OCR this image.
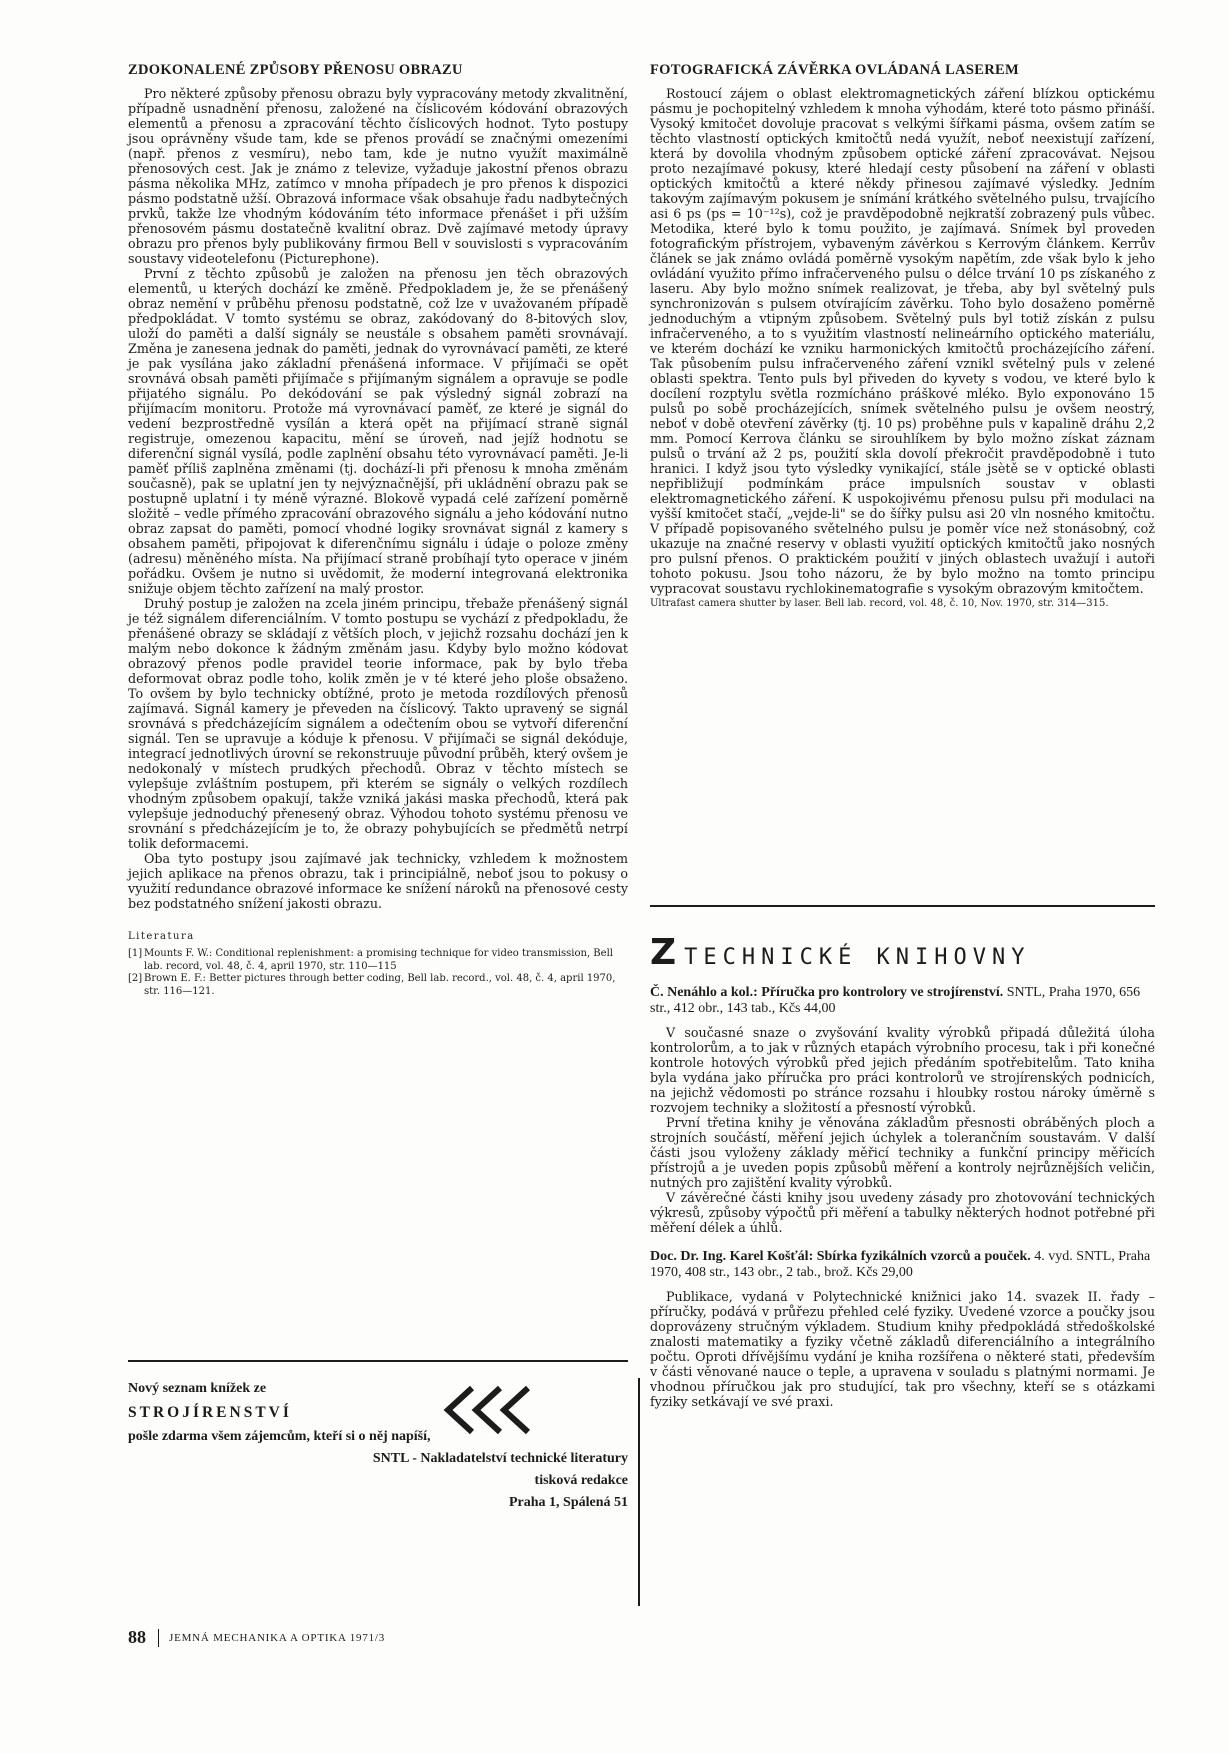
ZDOKONALENÉ ZPŮSOBY PŘENOSU OBRAZU

Pro některé způsoby přenosu obrazu byly vypracovány metody zkvalitnění, případně usnadnění přenosu, založené na číslicovém kódování obrazových elementů a přenosu a zpracování těchto číslicových hodnot. Tyto postupy jsou oprávněny všude tam, kde se přenos provádí se značnými omezeními (např. přenos z vesmíru), nebo tam, kde je nutno využít maximálně přenosových cest. Jak je známo z televize, vyžaduje jakostní přenos obrazu pásma několika MHz, zatímco v mnoha případech je pro přenos k dispozici pásmo podstatně užší. Obrazová informace však obsahuje řadu nadbytečných prvků, takže lze vhodným kódováním této informace přenášet i při užším přenosovém pásmu dostatečně kvalitní obraz. Dvě zajímavé metody úpravy obrazu pro přenos byly publikovány firmou Bell v souvislosti s vypracováním soustavy videotelefonu (Picturephone).

První z těchto způsobů je založen na přenosu jen těch obrazových elementů, u kterých dochází ke změně. Předpokladem je, že se přenášený obraz nemění v průběhu přenosu podstatně, což lze v uvažovaném případě předpokládat. V tomto systému se obraz, zakódovaný do 8-bitových slov, uloží do paměti a další signály se neustále s obsahem paměti srovnávají. Změna je zanesena jednak do paměti, jednak do vyrovnávací paměti, ze které je pak vysílána jako základní přenášená informace. V přijímači se opět srovnává obsah paměti přijímače s přijímaným signálem a opravuje se podle přijatého signálu. Po dekódování se pak výsledný signál zobrazí na přijímacím monitoru. Protože má vyrovnávací paměť, ze které je signál do vedení bezprostředně vysílán a která opět na přijímací straně signál registruje, omezenou kapacitu, mění se úroveň, nad jejíž hodnotu se diferenční signál vysílá, podle zaplnění obsahu této vyrovnávací paměti. Je-li paměť příliš zaplněna změnami (tj. dochází-li při přenosu k mnoha změnám současně), pak se uplatní jen ty nejvýznačnější, při ukládnění obrazu pak se postupně uplatní i ty méně výrazné. Blokově vypadá celé zařízení poměrně složitě – vedle přímého zpracování obrazového signálu a jeho kódování nutno obraz zapsat do paměti, pomocí vhodné logiky srovnávat signál z kamery s obsahem paměti, připojovat k diferenčnímu signálu i údaje o poloze změny (adresu) měněného místa. Na přijímací straně probíhají tyto operace v jiném pořádku. Ovšem je nutno si uvědomit, že moderní integrovaná elektronika snižuje objem těchto zařízení na malý prostor.

Druhý postup je založen na zcela jiném principu, třebaže přenášený signál je též signálem diferenciálním. V tomto postupu se vychází z předpokladu, že přenášené obrazy se skládají z větších ploch, v jejichž rozsahu dochází jen k malým nebo dokonce k žádným změnám jasu. Kdyby bylo možno kódovat obrazový přenos podle pravidel teorie informace, pak by bylo třeba deformovat obraz podle toho, kolik změn je v té které jeho ploše obsaženo. To ovšem by bylo technicky obtížné, proto je metoda rozdílových přenosů zajímavá. Signál kamery je převeden na číslicový. Takto upravený se signál srovnává s předcházejícím signálem a odečtením obou se vytvoří diferenční signál. Ten se upravuje a kóduje k přenosu. V přijímači se signál dekóduje, integrací jednotlivých úrovní se rekonstruuje původní průběh, který ovšem je nedokonalý v místech prudkých přechodů. Obraz v těchto místech se vylepšuje zvláštním postupem, při kterém se signály o velkých rozdílech vhodným způsobem opakují, takže vzniká jakási maska přechodů, která pak vylepšuje jednoduchý přenesený obraz. Výhodou tohoto systému přenosu ve srovnání s předcházejícím je to, že obrazy pohybujících se předmětů netrpí tolik deformacemi.

Oba tyto postupy jsou zajímavé jak technicky, vzhledem k možnostem jejich aplikace na přenos obrazu, tak i principiálně, neboť jsou to pokusy o využití redundance obrazové informace ke snížení nároků na přenosové cesty bez podstatného snížení jakosti obrazu.

Literatura
[1] Mounts F. W.: Conditional replenishment: a promising technique for video transmission, Bell lab. record, vol. 48, č. 4, april 1970, str. 110—115
[2] Brown E. F.: Better pictures through better coding, Bell lab. record., vol. 48, č. 4, april 1970, str. 116—121.

Nový seznam knížek ze

STROJÍRENSTVÍ

pošle zdarma všem zájemcům, kteří si o něj napíší,

SNTL - Nakladatelství technické literatury

tisková redakce

Praha 1, Spálená 51

FOTOGRAFICKÁ ZÁVĚRKA OVLÁDANÁ LASEREM

Rostoucí zájem o oblast elektromagnetických záření blízkou optickému pásmu je pochopitelný vzhledem k mnoha výhodám, které toto pásmo přináší. Vysoký kmitočet dovoluje pracovat s velkými šířkami pásma, ovšem zatím se těchto vlastností optických kmitočtů nedá využít, neboť neexistují zařízení, která by dovolila vhodným způsobem optické záření zpracovávat. Nejsou proto nezajímavé pokusy, které hledají cesty působení na záření v oblasti optických kmitočtů a které někdy přinesou zajímavé výsledky. Jedním takovým zajímavým pokusem je snímání krátkého světelného pulsu, trvajícího asi 6 ps (ps = 10⁻¹²s), což je pravděpodobně nejkratší zobrazený puls vůbec. Metodika, které bylo k tomu použito, je zajímavá. Snímek byl proveden fotografickým přístrojem, vybaveným závěrkou s Kerrovým článkem. Kerrův článek se jak známo ovládá poměrně vysokým napětím, zde však bylo k jeho ovládání využito přímo infračerveného pulsu o délce trvání 10 ps získaného z laseru. Aby bylo možno snímek realizovat, je třeba, aby byl světelný puls synchronizován s pulsem otvírajícím závěrku. Toho bylo dosaženo poměrně jednoduchým a vtipným způsobem. Světelný puls byl totiž získán z pulsu infračerveného, a to s využitím vlastností nelineárního optického materiálu, ve kterém dochází ke vzniku harmonických kmitočtů procházejícího záření. Tak působením pulsu infračerveného záření vznikl světelný puls v zelené oblasti spektra. Tento puls byl přiveden do kyvety s vodou, ve které bylo k docílení rozptylu světla rozmícháno práškové mléko. Bylo exponováno 15 pulsů po sobě procházejících, snímek světelného pulsu je ovšem neostrý, neboť v době otevření závěrky (tj. 10 ps) proběhne puls v kapalině dráhu 2,2 mm. Pomocí Kerrova článku se sirouhlíkem by bylo možno získat záznam pulsů o trvání až 2 ps, použití skla dovolí překročit pravděpodobně i tuto hranici. I když jsou tyto výsledky vynikající, stále jsètě se v optické oblasti nepřibližují podmínkám práce impulsních soustav v oblasti elektromagnetického záření. K uspokojivému přenosu pulsu při modulaci na vyšší kmitočet stačí, „vejde-li" se do šířky pulsu asi 20 vln nosného kmitočtu. V případě popisovaného světelného pulsu je poměr více než stonásobný, což ukazuje na značné reservy v oblasti využití optických kmitočtů jako nosných pro pulsní přenos. O praktickém použití v jiných oblastech uvažují i autoři tohoto pokusu. Jsou toho názoru, že by bylo možno na tomto principu vypracovat soustavu rychlokinematografie s vysokým obrazovým kmitočtem.

Ultrafast camera shutter by laser. Bell lab. record, vol. 48, č. 10, Nov. 1970, str. 314—315.
Z TECHNICKÉ KNIHOVNY

Č. Nenáhlo a kol.: Příručka pro kontrolory ve strojírenství. SNTL, Praha 1970, 656 str., 412 obr., 143 tab., Kčs 44,00

V současné snaze o zvyšování kvality výrobků připadá důležitá úloha kontrolorům, a to jak v různých etapách výrobního procesu, tak i při konečné kontrole hotových výrobků před jejich předáním spotřebitelům. Tato kniha byla vydána jako příručka pro práci kontrolorů ve strojírenských podnicích, na jejichž vědomosti po stránce rozsahu i hloubky rostou nároky úměrně s rozvojem techniky a složitostí a přesností výrobků.

První třetina knihy je věnována základům přesnosti obráběných ploch a strojních součástí, měření jejich úchylek a tolerančním soustavám. V další části jsou vyloženy základy měřicí techniky a funkční principy měřicích přístrojů a je uveden popis způsobů měření a kontroly nejrůznějších veličin, nutných pro zajištění kvality výrobků.

V závěrečné části knihy jsou uvedeny zásady pro zhotovování technických výkresů, způsoby výpočtů při měření a tabulky některých hodnot potřebné při měření délek a úhlů.

Doc. Dr. Ing. Karel Košťál: Sbírka fyzikálních vzorců a pouček. 4. vyd. SNTL, Praha 1970, 408 str., 143 obr., 2 tab., brož. Kčs 29,00

Publikace, vydaná v Polytechnické knižnici jako 14. svazek II. řady – příručky, podává v průřezu přehled celé fyziky. Uvedené vzorce a poučky jsou doprovázeny stručným výkladem. Studium knihy předpokládá středoškolské znalosti matematiky a fyziky včetně základů diferenciálního a integrálního počtu. Oproti dřívějšímu vydání je kniha rozšířena o některé stati, především v části věnované nauce o teple, a upravena v souladu s platnými normami. Je vhodnou příručkou jak pro studující, tak pro všechny, kteří se s otázkami fyziky setkávají ve své praxi.

88 JEMNÁ MECHANIKA A OPTIKA 1971/3
